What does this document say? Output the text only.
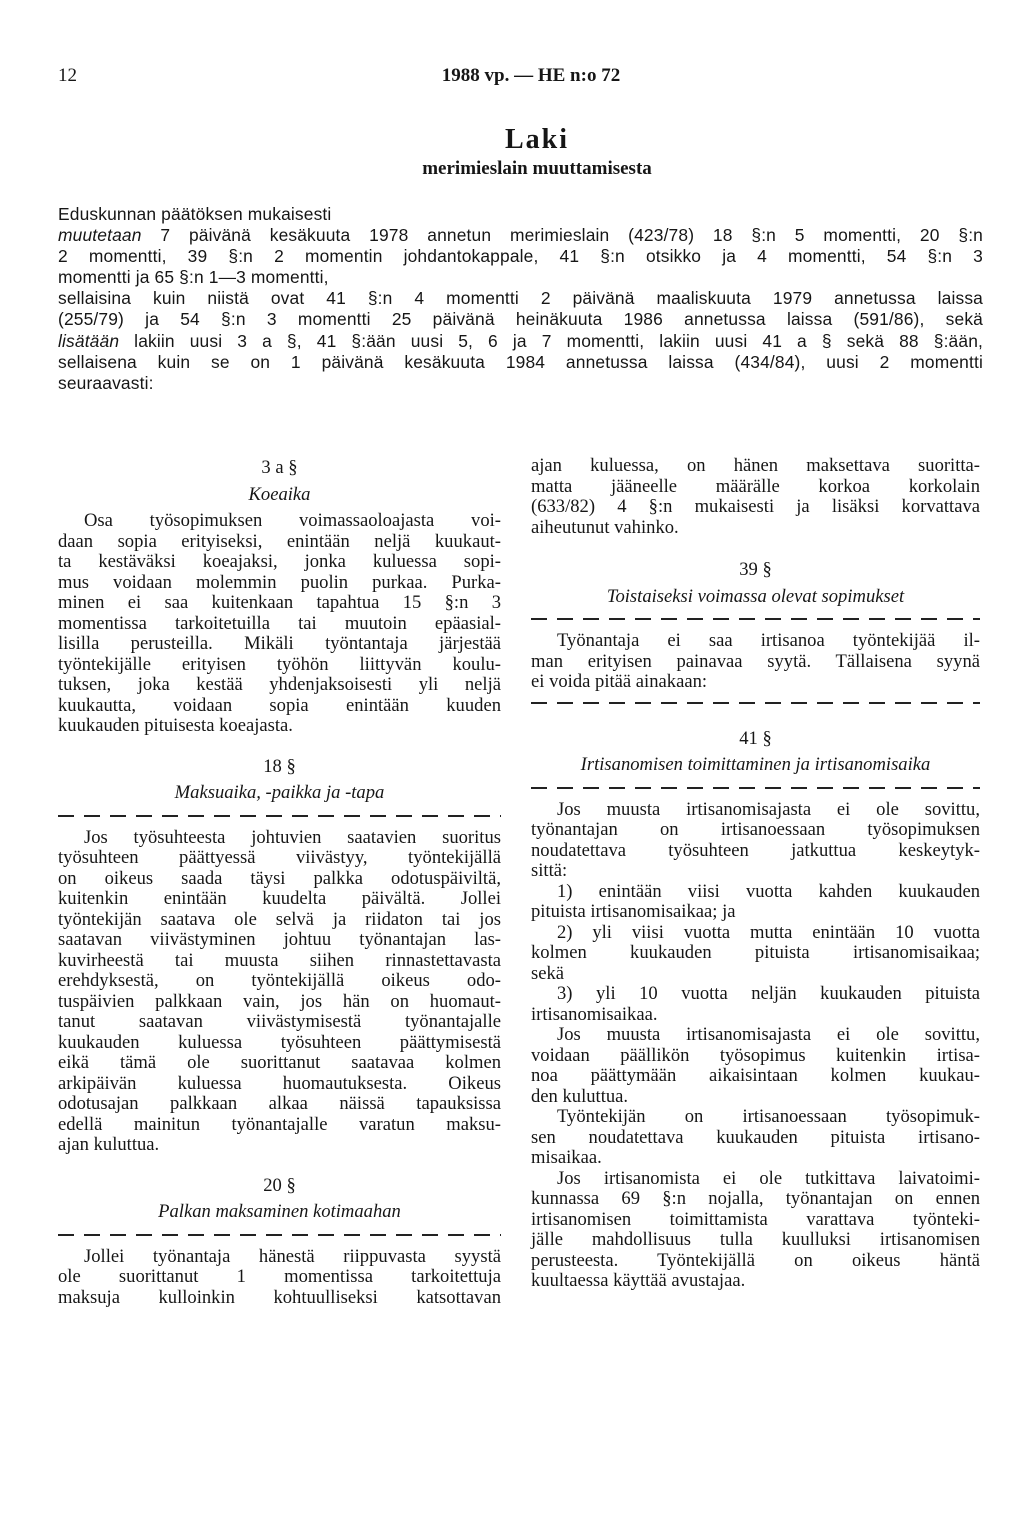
12	1988 vp. — HE n:o 72
Laki
merimieslain muuttamisesta
Eduskunnan päätöksen mukaisesti
muutetaan 7 päivänä kesäkuuta 1978 annetun merimieslain (423/78) 18 §:n 5 momentti, 20 §:n
2 momentti, 39 §:n 2 momentin johdantokappale, 41 §:n otsikko ja 4 momentti, 54 §:n 3
momentti ja 65 §:n 1—3 momentti,
sellaisina kuin niistä ovat 41 §:n 4 momentti 2 päivänä maaliskuuta 1979 annetussa laissa
(255/79) ja 54 §:n 3 momentti 25 päivänä heinäkuuta 1986 annetussa laissa (591/86), sekä
lisätään lakiin uusi 3 a §, 41 §:ään uusi 5, 6 ja 7 momentti, lakiin uusi 41 a § sekä 88 §:ään,
sellaisena kuin se on 1 päivänä kesäkuuta 1984 annetussa laissa (434/84), uusi 2 momentti
seuraavasti:
3 a §
Koeaika
Osa työsopimuksen voimassaoloajasta voi-
daan sopia erityiseksi, enintään neljä kuukaut-
ta kestäväksi koeajaksi, jonka kuluessa sopi-
mus voidaan molemmin puolin purkaa. Purka-
minen ei saa kuitenkaan tapahtua 15 §:n 3
momentissa tarkoitetuilla tai muutoin epäasial-
lisilla perusteilla. Mikäli työntantaja järjestää
työntekijälle erityisen työhön liittyvän koulu-
tuksen, joka kestää yhdenjaksoisesti yli neljä
kuukautta, voidaan sopia enintään kuuden
kuukauden pituisesta koeajasta.
18 §
Maksuaika, -paikka ja -tapa
Jos työsuhteesta johtuvien saatavien suoritus
työsuhteen päättyessä viivästyy, työntekijällä
on oikeus saada täysi palkka odotuspäiviltä,
kuitenkin enintään kuudelta päivältä. Jollei
työntekijän saatava ole selvä ja riidaton tai jos
saatavan viivästyminen johtuu työnantajan las-
kuvirheestä tai muusta siihen rinnastettavasta
erehdyksestä, on työntekijällä oikeus odo-
tuspäivien palkkaan vain, jos hän on huomaut-
tanut saatavan viivästymisestä työnantajalle
kuukauden kuluessa työsuhteen päättymisestä
eikä tämä ole suorittanut saatavaa kolmen
arkipäivän kuluessa huomautuksesta. Oikeus
odotusajan palkkaan alkaa näissä tapauksissa
edellä mainitun työnantajalle varatun maksu-
ajan kuluttua.
20 §
Palkan maksaminen kotimaahan
Jollei työnantaja hänestä riippuvasta syystä
ole suorittanut 1 momentissa tarkoitettuja
maksuja kulloinkin kohtuulliseksi katsottavan
ajan kuluessa, on hänen maksettava suoritta-
matta jääneelle määrälle korkoa korkolain
(633/82) 4 §:n mukaisesti ja lisäksi korvattava
aiheutunut vahinko.
39 §
Toistaiseksi voimassa olevat sopimukset
Työnantaja ei saa irtisanoa työntekijää il-
man erityisen painavaa syytä. Tällaisena syynä
ei voida pitää ainakaan:
41 §
Irtisanomisen toimittaminen ja irtisanomisaika
Jos muusta irtisanomisajasta ei ole sovittu,
työnantajan on irtisanoessaan työsopimuksen
noudatettava työsuhteen jatkuttua keskeytyk-
sittä:
1) enintään viisi vuotta kahden kuukauden
pituista irtisanomisaikaa; ja
2) yli viisi vuotta mutta enintään 10 vuotta
kolmen kuukauden pituista irtisanomisaikaa;
sekä
3) yli 10 vuotta neljän kuukauden pituista
irtisanomisaikaa.
Jos muusta irtisanomisajasta ei ole sovittu,
voidaan päällikön työsopimus kuitenkin irtisa-
noa päättymään aikaisintaan kolmen kuukau-
den kuluttua.
Työntekijän on irtisanoessaan työsopimuk-
sen noudatettava kuukauden pituista irtisano-
misaikaa.
Jos irtisanomista ei ole tutkittava laivatoimi-
kunnassa 69 §:n nojalla, työnantajan on ennen
irtisanomisen toimittamista varattava työnteki-
jälle mahdollisuus tulla kuulluksi irtisanomisen
perusteesta. Työntekijällä on oikeus häntä
kuultaessa käyttää avustajaa.
